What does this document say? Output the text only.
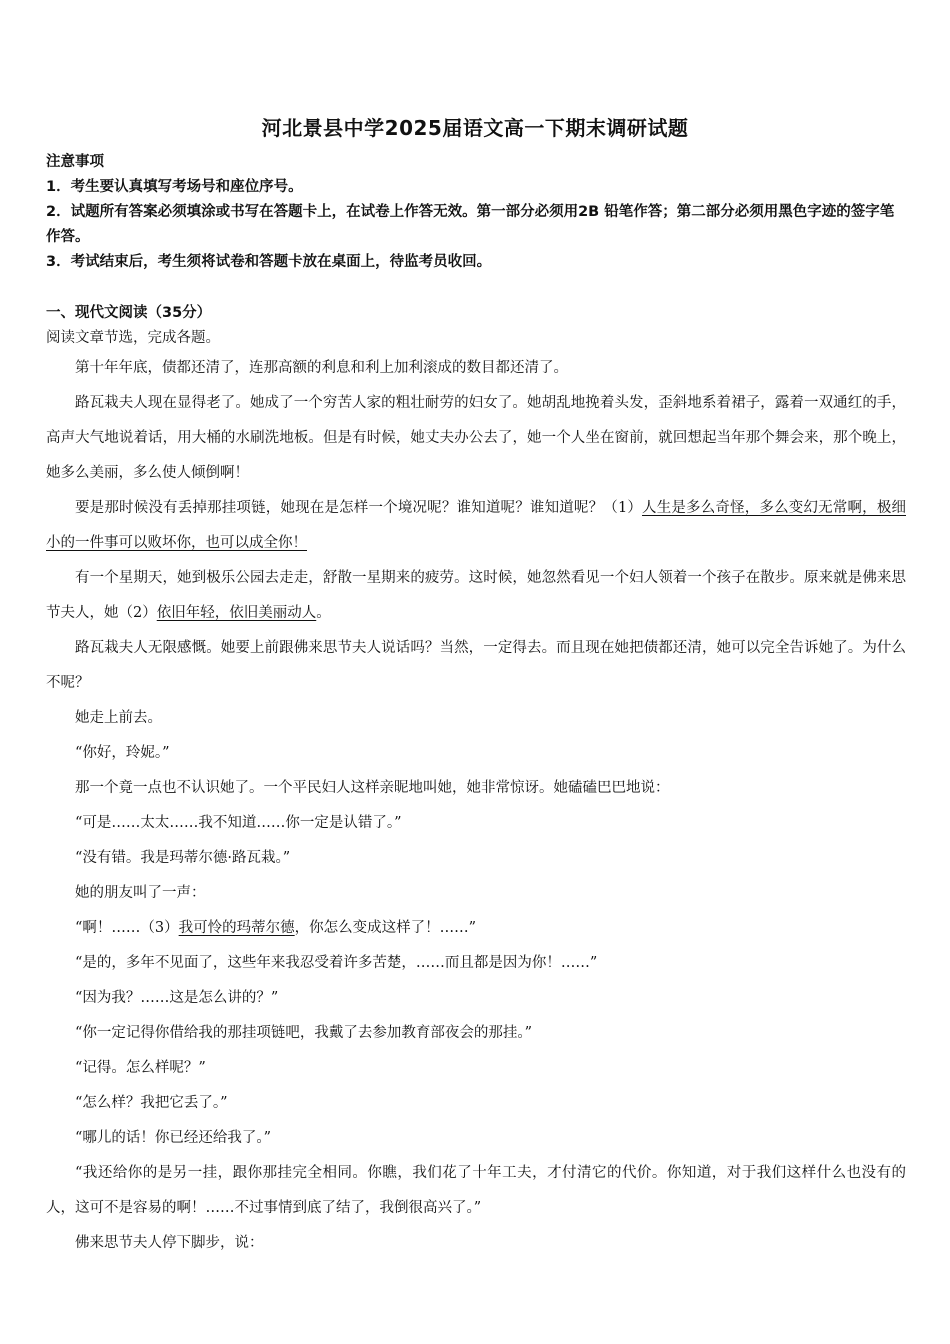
河北景县中学2025届语文高一下期末调研试题
注意事项
1．考生要认真填写考场号和座位序号。
2．试题所有答案必须填涂或书写在答题卡上，在试卷上作答无效。第一部分必须用2B 铅笔作答；第二部分必须用黑色字迹的签字笔作答。
3．考试结束后，考生须将试卷和答题卡放在桌面上，待监考员收回。
一、现代文阅读（35分）
阅读文章节选，完成各题。

第十年年底，债都还清了，连那高额的利息和利上加利滚成的数目都还清了。

路瓦栽夫人现在显得老了。她成了一个穷苦人家的粗壮耐劳的妇女了。她胡乱地挽着头发，歪斜地系着裙子，露着一双通红的手，高声大气地说着话，用大桶的水刷洗地板。但是有时候，她丈夫办公去了，她一个人坐在窗前，就回想起当年那个舞会来，那个晚上，她多么美丽，多么使人倾倒啊！

要是那时候没有丢掉那挂项链，她现在是怎样一个境况呢？谁知道呢？谁知道呢？（1）人生是多么奇怪，多么变幻无常啊，极细小的一件事可以败坏你，也可以成全你！

有一个星期天，她到极乐公园去走走，舒散一星期来的疲劳。这时候，她忽然看见一个妇人领着一个孩子在散步。原来就是佛来思节夫人，她（2）依旧年轻，依旧美丽动人。

路瓦栽夫人无限感慨。她要上前跟佛来思节夫人说话吗？当然，一定得去。而且现在她把债都还清，她可以完全告诉她了。为什么不呢？

她走上前去。

“你好，玲妮。”

那一个竟一点也不认识她了。一个平民妇人这样亲昵地叫她，她非常惊讶。她磕磕巴巴地说：

“可是……太太……我不知道……你一定是认错了。”

“没有错。我是玛蒂尔德·路瓦栽。”

她的朋友叫了一声：

“啊！……（3）我可怜的玛蒂尔德，你怎么变成这样了！……”

“是的，多年不见面了，这些年来我忍受着许多苦楚，……而且都是因为你！……”

“因为我？……这是怎么讲的？”

“你一定记得你借给我的那挂项链吧，我戴了去参加教育部夜会的那挂。”

“记得。怎么样呢？”

“怎么样？我把它丢了。”

“哪儿的话！你已经还给我了。”

“我还给你的是另一挂，跟你那挂完全相同。你瞧，我们花了十年工夫，才付清它的代价。你知道，对于我们这样什么也没有的人，这可不是容易的啊！……不过事情到底了结了，我倒很高兴了。”

佛来思节夫人停下脚步，说：
